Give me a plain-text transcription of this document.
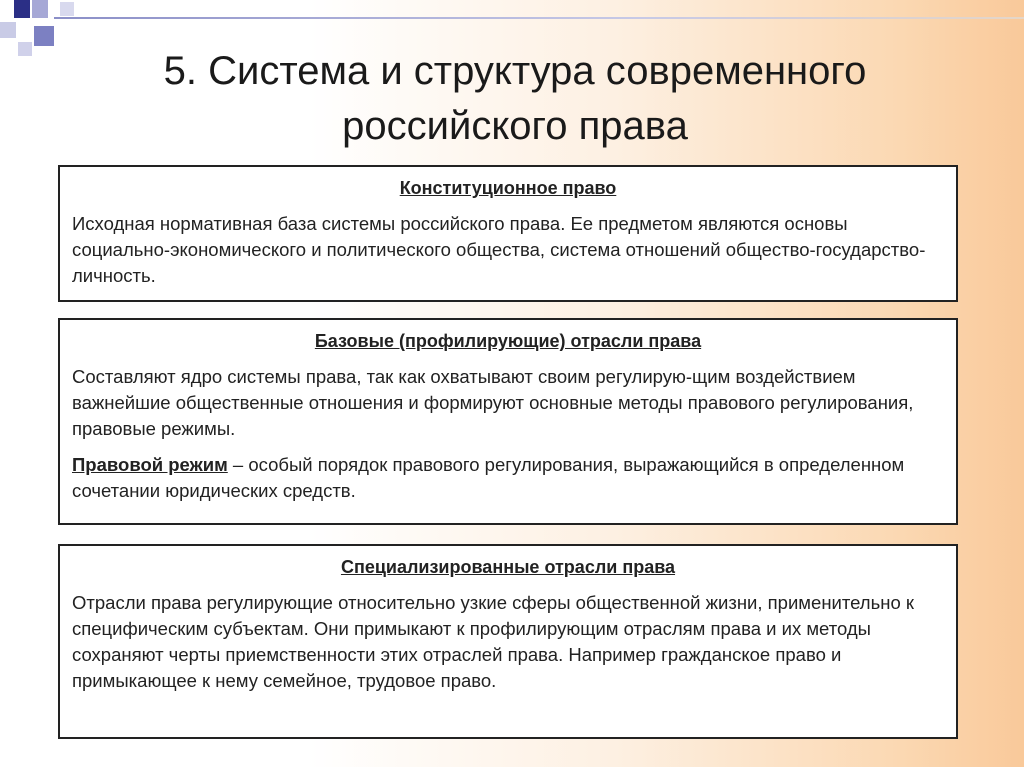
5. Система и структура современного
российского права
Конституционное право

Исходная нормативная база системы российского права. Ее предметом являются основы социально-экономического и политического общества, система отношений общество-государство-личность.

Базовые (профилирующие) отрасли права

Составляют ядро системы права, так как охватывают своим регулирую-щим воздействием важнейшие общественные отношения и формируют основные методы правового регулирования, правовые режимы.

Правовой режим – особый порядок правового регулирования, выражающийся в определенном сочетании юридических средств.

Специализированные отрасли права

Отрасли права регулирующие относительно узкие сферы общественной жизни, применительно к специфическим субъектам. Они примыкают к профилирующим отраслям права и их методы сохраняют черты приемственности этих отраслей права. Например гражданское право и примыкающее к нему семейное, трудовое право.
